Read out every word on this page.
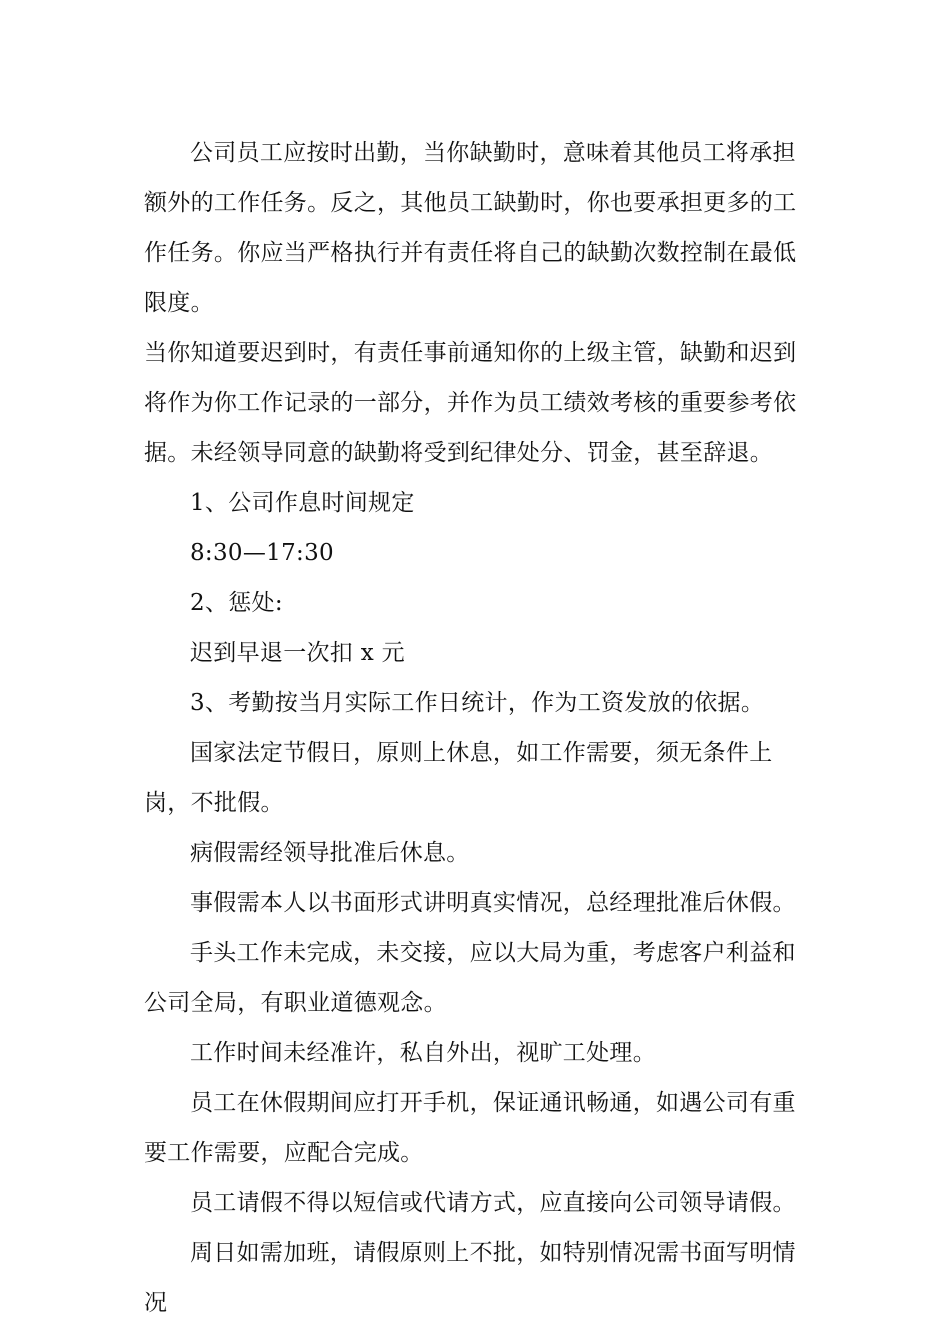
公司员工应按时出勤，当你缺勤时，意味着其他员工将承担额外的工作任务。反之，其他员工缺勤时，你也要承担更多的工作任务。你应当严格执行并有责任将自己的缺勤次数控制在最低限度。

当你知道要迟到时，有责任事前通知你的上级主管，缺勤和迟到将作为你工作记录的一部分，并作为员工绩效考核的重要参考依据。未经领导同意的缺勤将受到纪律处分、罚金，甚至辞退。

1、公司作息时间规定

8:30—17:30

2、惩处:

迟到早退一次扣 x 元

3、考勤按当月实际工作日统计，作为工资发放的依据。

国家法定节假日，原则上休息，如工作需要，须无条件上岗，不批假。

病假需经领导批准后休息。

事假需本人以书面形式讲明真实情况，总经理批准后休假。

手头工作未完成，未交接，应以大局为重，考虑客户利益和公司全局，有职业道德观念。

工作时间未经准许，私自外出，视旷工处理。

员工在休假期间应打开手机，保证通讯畅通，如遇公司有重要工作需要，应配合完成。

员工请假不得以短信或代请方式，应直接向公司领导请假。

周日如需加班，请假原则上不批，如特别情况需书面写明情况
